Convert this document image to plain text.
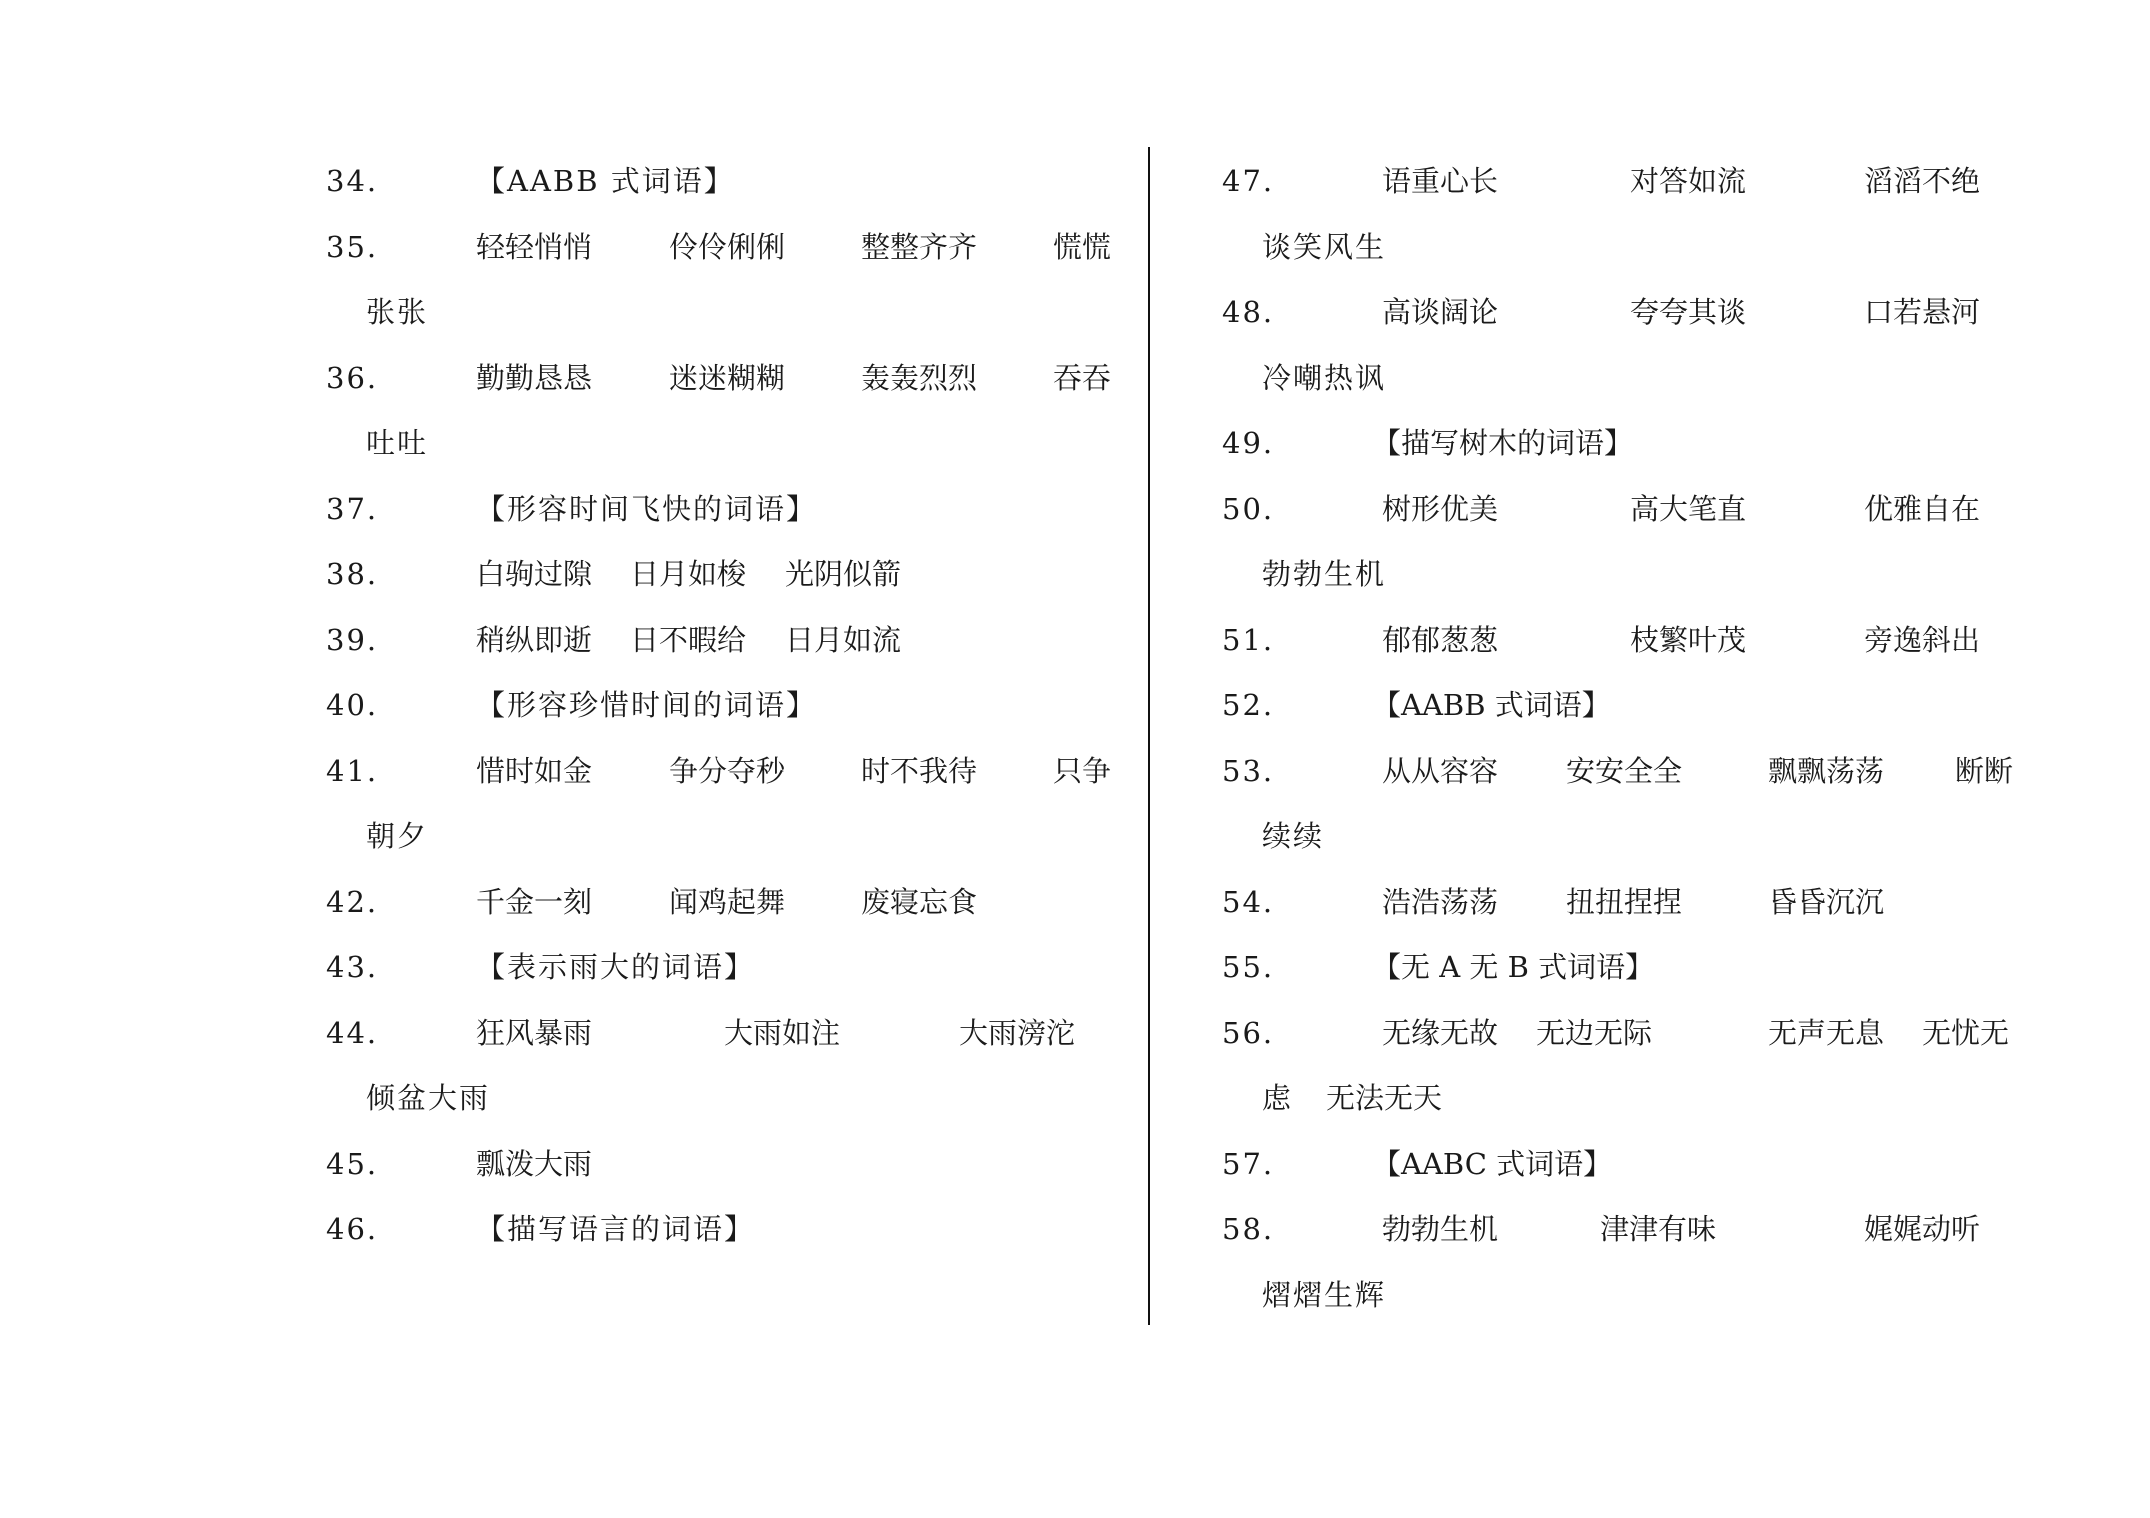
34.	【AABB 式词语】
35.	轻轻悄悄	伶伶俐俐	整整齐齐	慌慌
张张
36.	勤勤恳恳	迷迷糊糊	轰轰烈烈	吞吞
吐吐
37.	【形容时间飞快的词语】
38.	白驹过隙 日月如梭 光阴似箭
39.	稍纵即逝 日不暇给 日月如流
40.	【形容珍惜时间的词语】
41.	惜时如金	争分夺秒	时不我待	只争
朝夕
42.	千金一刻	闻鸡起舞	废寝忘食
43.	【表示雨大的词语】
44.	狂风暴雨	大雨如注	大雨滂沱
倾盆大雨
45.	瓢泼大雨
46.	【描写语言的词语】
47.	语重心长	对答如流	滔滔不绝
谈笑风生
48.	高谈阔论	夸夸其谈	口若悬河
冷嘲热讽
49.	【描写树木的词语】
50.	树形优美	高大笔直	优雅自在
勃勃生机
51.	郁郁葱葱	枝繁叶茂	旁逸斜出
52.	【AABB 式词语】
53.	从从容容 安安全全	飘飘荡荡 断断
续续
54.	浩浩荡荡 扭扭捏捏	昏昏沉沉
55.	【无 A 无 B 式词语】
56.	无缘无故 无边无际	无声无息 无忧无
虑 无法无天
57.	【AABC 式词语】
58.	勃勃生机	津津有味	娓娓动听
熠熠生辉
